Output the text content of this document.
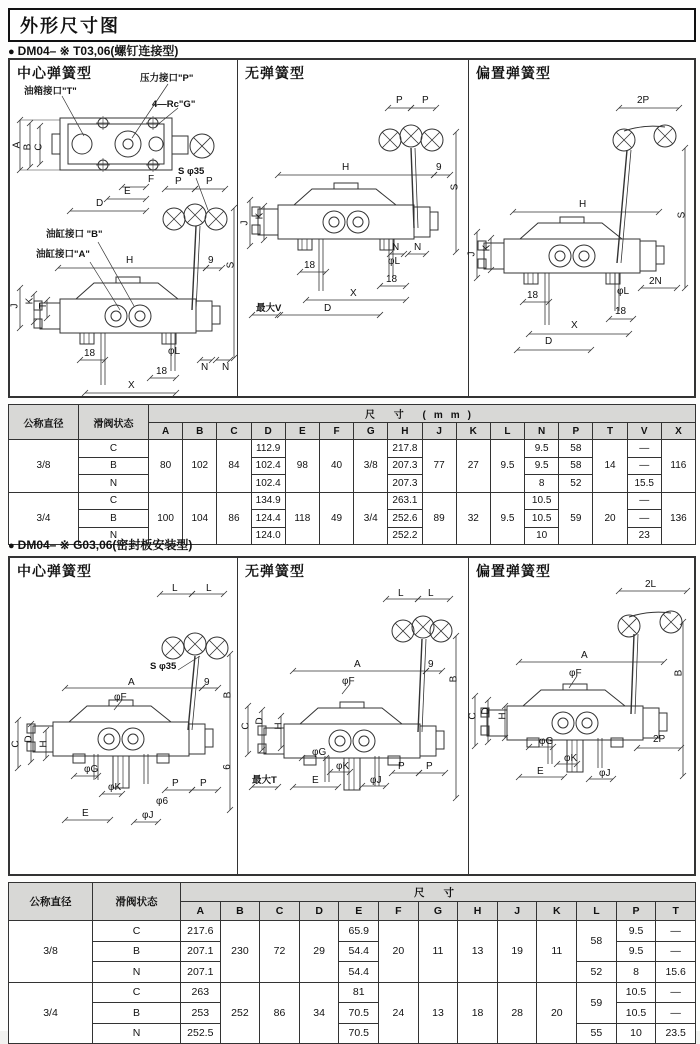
外形尺寸图
● DM04– ※ T03,06(螺钉连接型)
中心弹簧型	压力接口"P"
油箱接口"T"
4—Rc"G"
A B C
F
E
D
S φ35
P P
油缸接口 "B"
油缸接口"A"
H	9 S
J
K
T
N N
18	φL
18
X
无弹簧型
P P
H	9
S
J
K
N N
18	φL
18
X
D
最大V
偏置弹簧型
2P
H
S
J
K
2N
18	φL
18
X
D
公称直径	滑阀状态	尺 寸 (mm)															
		A	B	C	D	E	F	G	H	J	K	L	N	P	T	V	X
3/8	C	80	102	84	112.9	98	40	3/8	217.8	77	27	9.5	9.5	58	14	—	116
	B				102.4				207.3				9.5	58		—	
	N				102.4				207.3				8	52		15.5	
3/4	C	100	104	86	134.9	118	49	3/4	263.1	89	32	9.5	10.5	59	20	—	136
	B				124.4				252.6				10.5			—	
	N				124.0				252.2				10			23	
● DM04– ※ G03,06(密封板安装型)
中心弹簧型
L	L
S φ35
A	9
B
φF
C
D
H
φG
φK
φ6
φJ
P P
6
E
无弹簧型
L L
A	9
B
φF
C
D
H
φG
φK
φJ
P P
最大T	E
偏置弹簧型
2L
A
B
φF
C
D
H
φG
φK
φJ
2P
E
公称直径	滑阀状态	尺 寸												
		A	B	C	D	E	F	G	H	J	K	L	P	T
3/8	C	217.6	230	72	29	65.9	20	11	13	19	11	58	9.5	—
	B	207.1				54.4							9.5	—
	N	207.1				54.4						52	8	15.6
3/4	C	263	252	86	34	81	24	13	18	28	20	59	10.5	—
	B	253				70.5							10.5	—
	N	252.5				70.5						55	10	23.5
